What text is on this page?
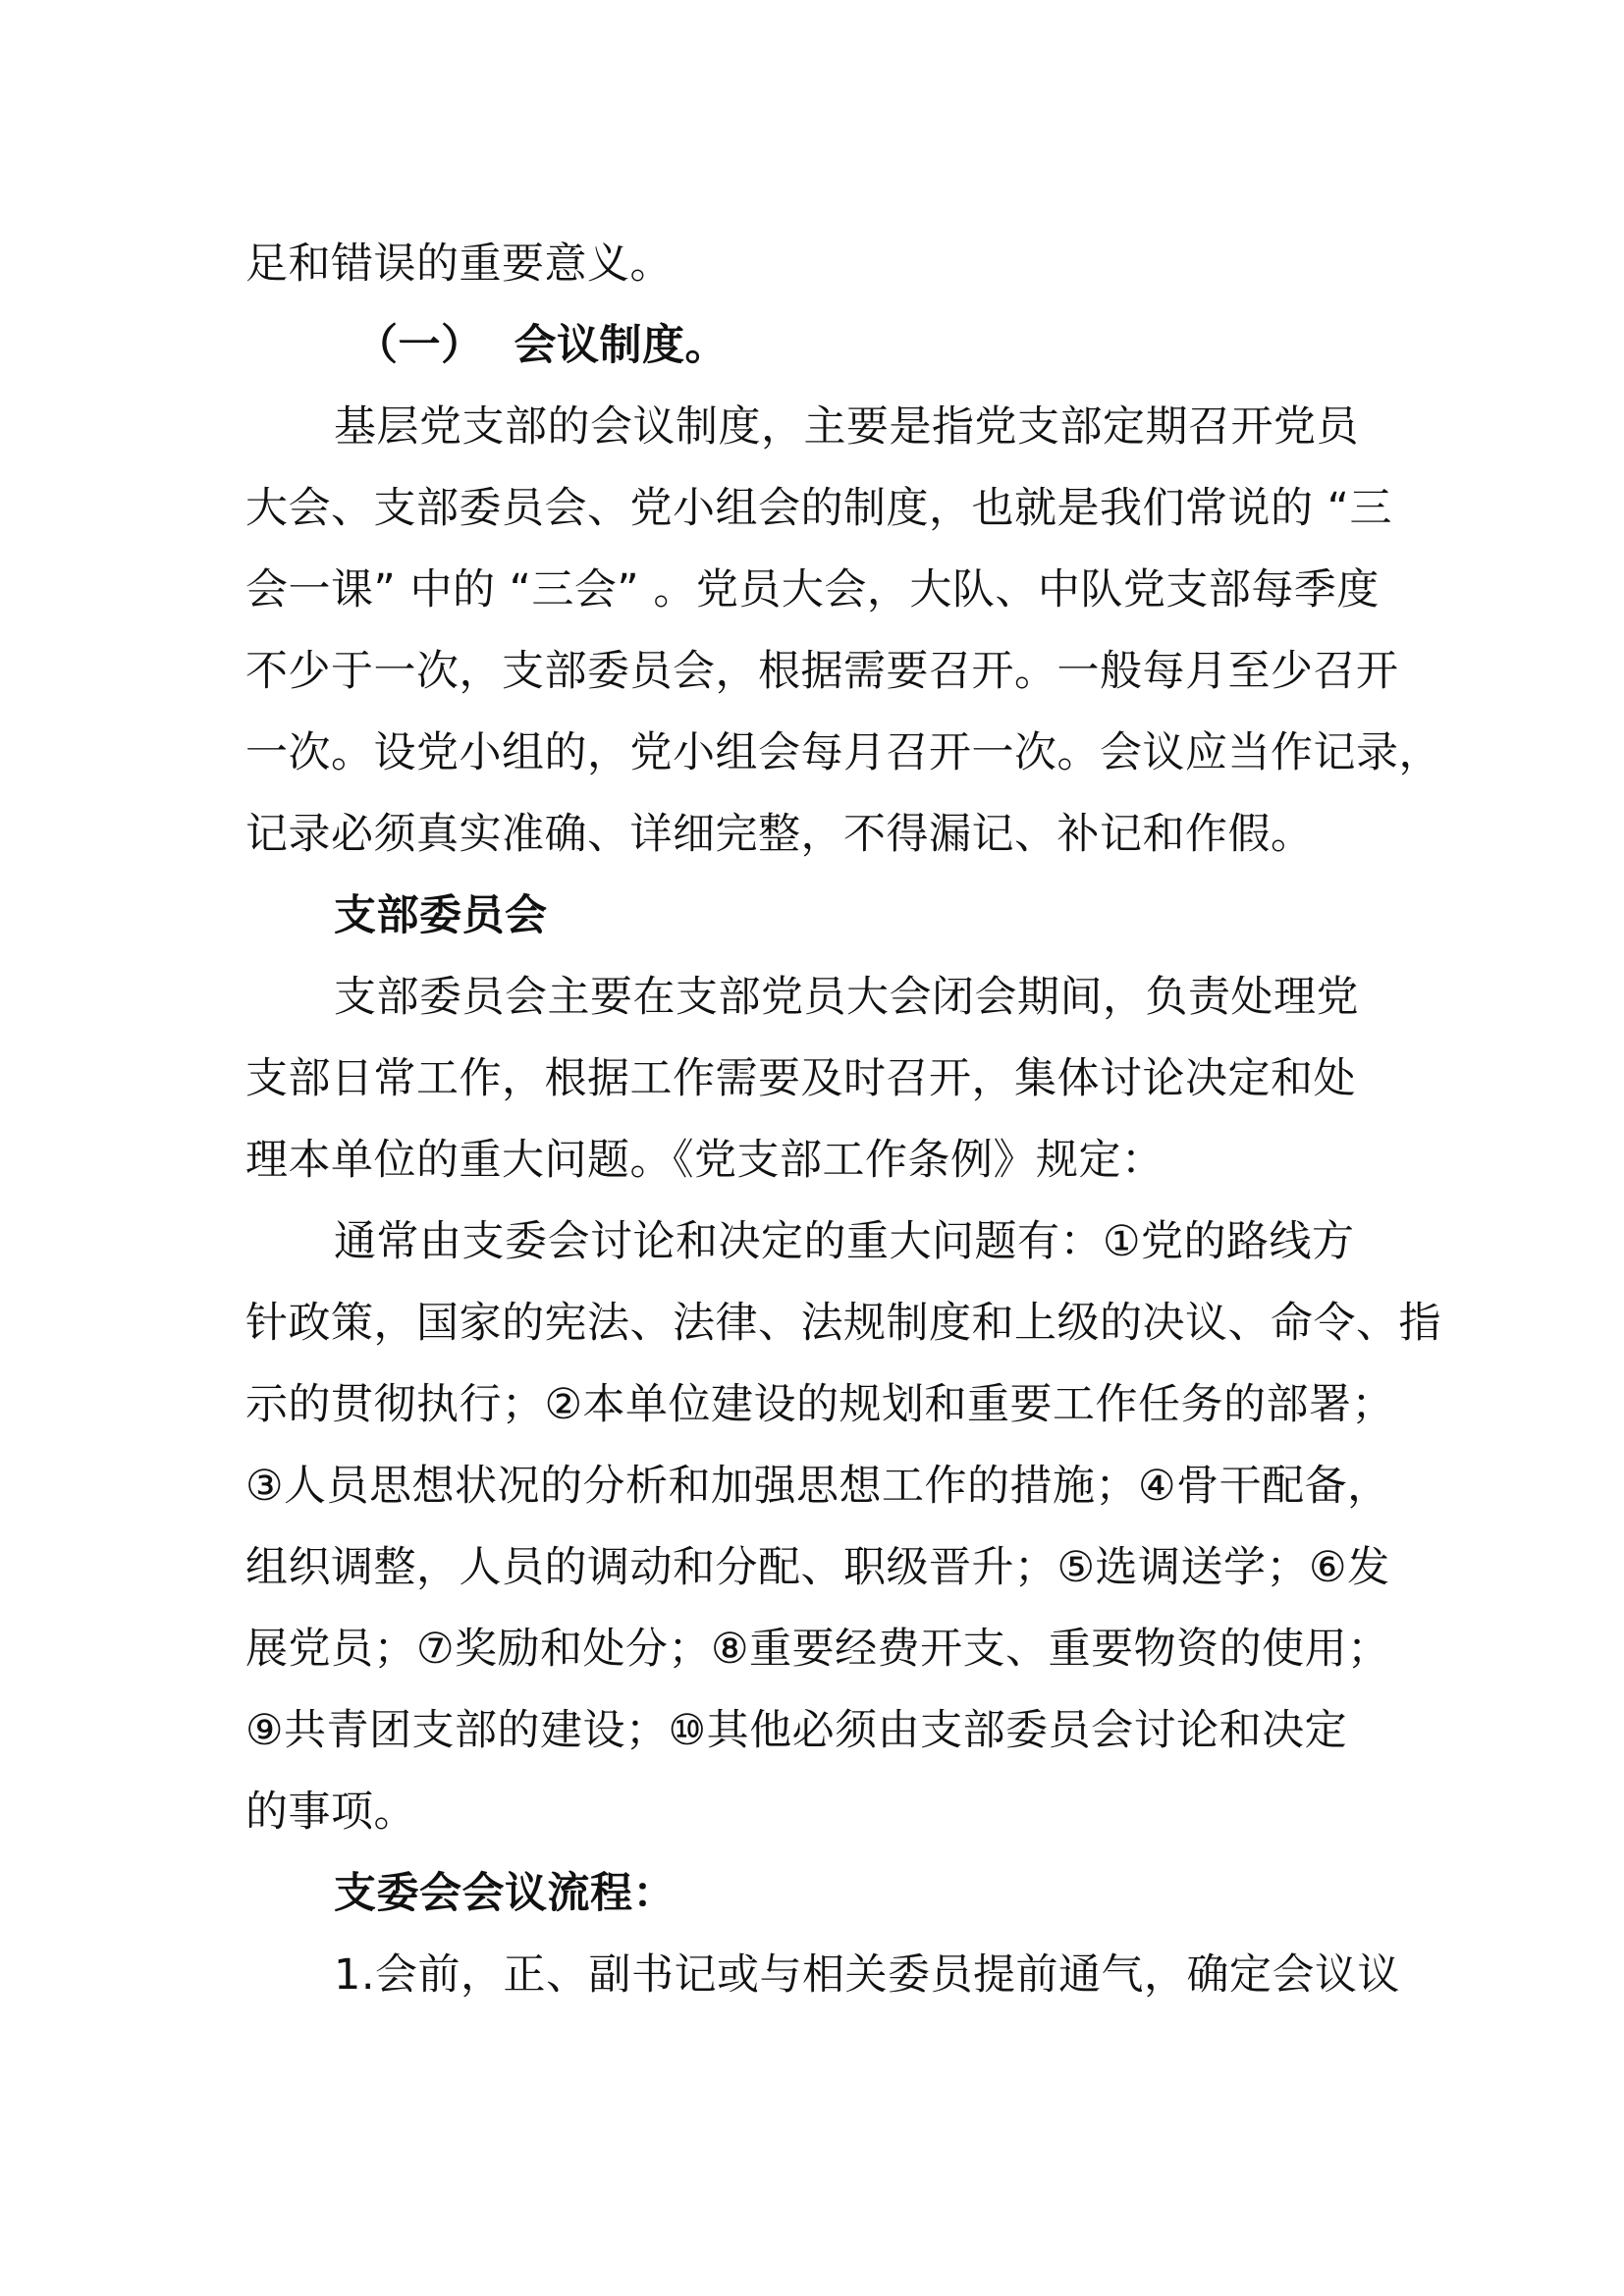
足和错误的重要意义。
（一）  会议制度。
基层党支部的会议制度，主要是指党支部定期召开党员
大会、支部委员会、党小组会的制度，也就是我们常说的 “三
会一课” 中的 “三会” 。党员大会，大队、中队党支部每季度
不少于一次，支部委员会，根据需要召开。一般每月至少召开
一次。设党小组的，党小组会每月召开一次。会议应当作记录，
记录必须真实准确、详细完整，不得漏记、补记和作假。
支部委员会
支部委员会主要在支部党员大会闭会期间，负责处理党
支部日常工作，根据工作需要及时召开，集体讨论决定和处
理本单位的重大问题。《党支部工作条例》规定：
通常由支委会讨论和决定的重大问题有：①党的路线方
针政策，国家的宪法、法律、法规制度和上级的决议、命令、指
示的贯彻执行；②本单位建设的规划和重要工作任务的部署；
③人员思想状况的分析和加强思想工作的措施；④骨干配备，
组织调整，人员的调动和分配、职级晋升；⑤选调送学；⑥发
展党员；⑦奖励和处分；⑧重要经费开支、重要物资的使用；
⑨共青团支部的建设；⑩其他必须由支部委员会讨论和决定
的事项。
支委会会议流程：
1.会前，正、副书记或与相关委员提前通气，确定会议议
